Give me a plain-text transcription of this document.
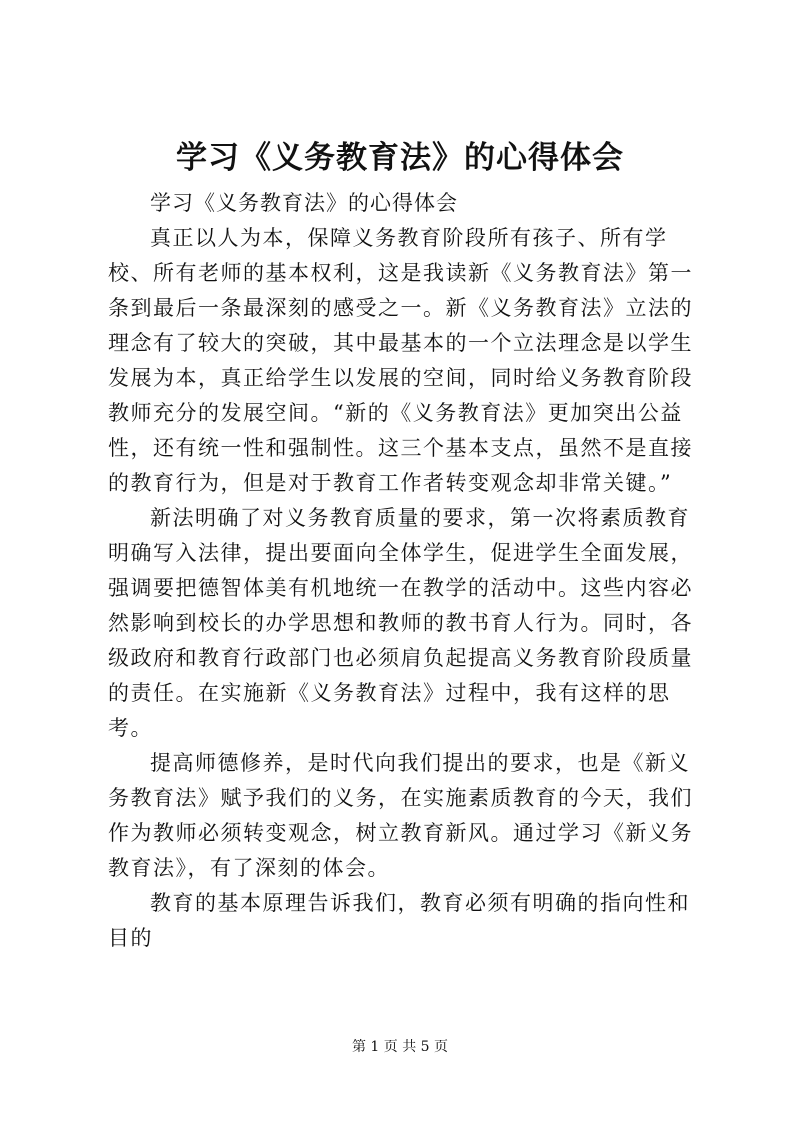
学习《义务教育法》的心得体会

学习《义务教育法》的心得体会

真正以人为本，保障义务教育阶段所有孩子、所有学校、所有老师的基本权利，这是我读新《义务教育法》第一条到最后一条最深刻的感受之一。新《义务教育法》立法的理念有了较大的突破，其中最基本的一个立法理念是以学生发展为本，真正给学生以发展的空间，同时给义务教育阶段教师充分的发展空间。“新的《义务教育法》更加突出公益性，还有统一性和强制性。这三个基本支点，虽然不是直接的教育行为，但是对于教育工作者转变观念却非常关键。”

新法明确了对义务教育质量的要求，第一次将素质教育明确写入法律，提出要面向全体学生，促进学生全面发展，强调要把德智体美有机地统一在教学的活动中。这些内容必然影响到校长的办学思想和教师的教书育人行为。同时，各级政府和教育行政部门也必须肩负起提高义务教育阶段质量的责任。在实施新《义务教育法》过程中，我有这样的思考。

提高师德修养，是时代向我们提出的要求，也是《新义务教育法》赋予我们的义务，在实施素质教育的今天，我们作为教师必须转变观念，树立教育新风。通过学习《新义务教育法》，有了深刻的体会。

教育的基本原理告诉我们，教育必须有明确的指向性和目的

第 1 页 共 5 页
